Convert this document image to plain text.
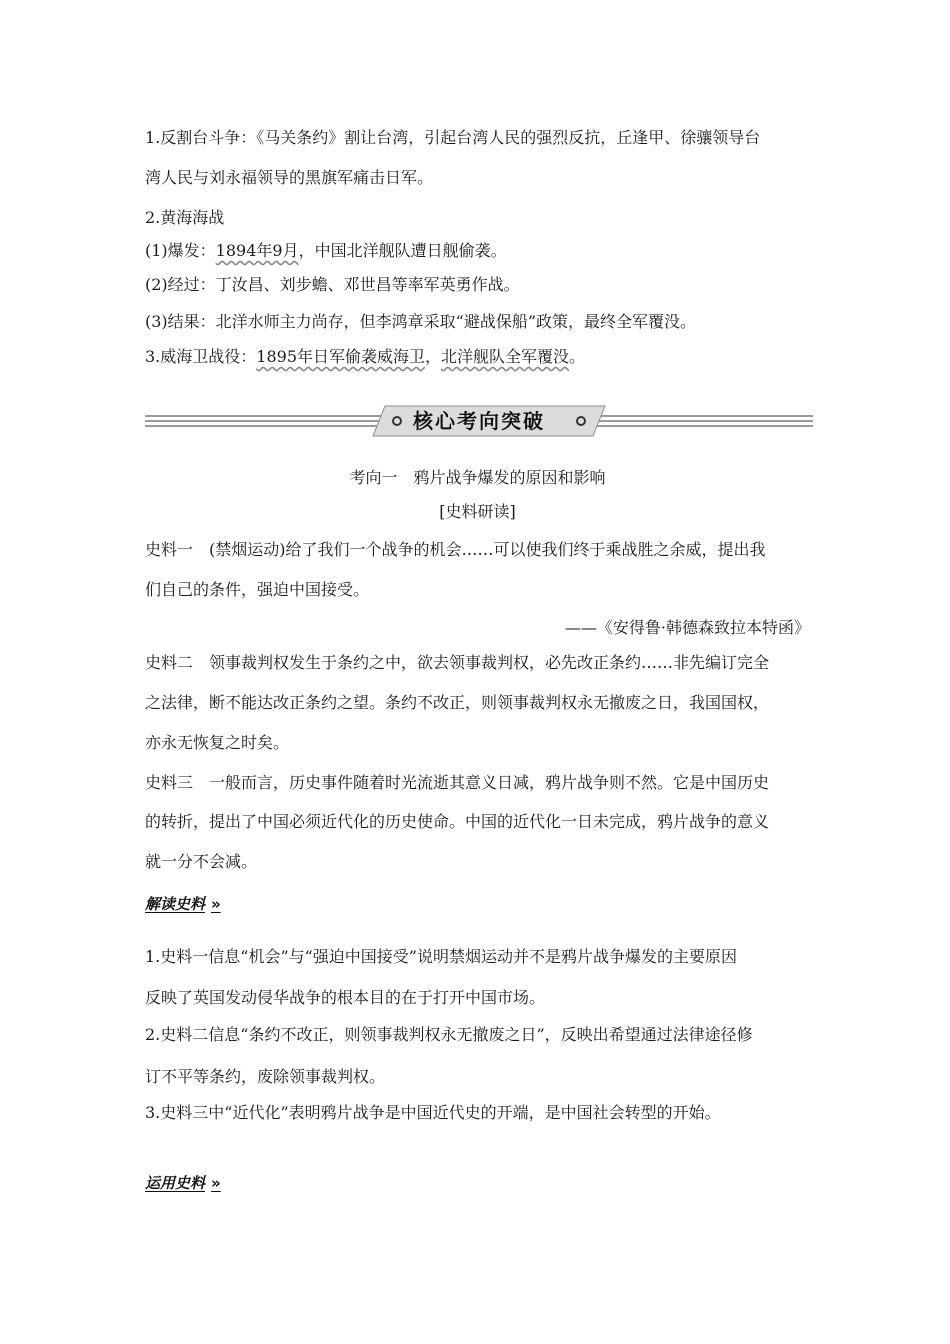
1.反割台斗争：《马关条约》割让台湾，引起台湾人民的强烈反抗，丘逢甲、徐骧领导台

湾人民与刘永福领导的黑旗军痛击日军。

2.黄海海战

(1)爆发：1894年9月，中国北洋舰队遭日舰偷袭。

(2)经过：丁汝昌、刘步蟾、邓世昌等率军英勇作战。

(3)结果：北洋水师主力尚存，但李鸿章采取“避战保船”政策，最终全军覆没。

3.威海卫战役：1895年日军偷袭威海卫，北洋舰队全军覆没。

核心考向突破

考向一　鸦片战争爆发的原因和影响

[史料研读]

史料一　(禁烟运动)给了我们一个战争的机会……可以使我们终于乘战胜之余威，提出我

们自己的条件，强迫中国接受。

——《安得鲁·韩德森致拉本特函》

史料二　领事裁判权发生于条约之中，欲去领事裁判权，必先改正条约……非先编订完全

之法律，断不能达改正条约之望。条约不改正，则领事裁判权永无撤废之日，我国国权，

亦永无恢复之时矣。

史料三　一般而言，历史事件随着时光流逝其意义日减，鸦片战争则不然。它是中国历史

的转折，提出了中国必须近代化的历史使命。中国的近代化一日未完成，鸦片战争的意义

就一分不会减。

解读史料 »

1.史料一信息“机会”与“强迫中国接受”说明禁烟运动并不是鸦片战争爆发的主要原因

反映了英国发动侵华战争的根本目的在于打开中国市场。

2.史料二信息“条约不改正，则领事裁判权永无撤废之日”，反映出希望通过法律途径修

订不平等条约，废除领事裁判权。

3.史料三中“近代化”表明鸦片战争是中国近代史的开端，是中国社会转型的开始。

运用史料 »
